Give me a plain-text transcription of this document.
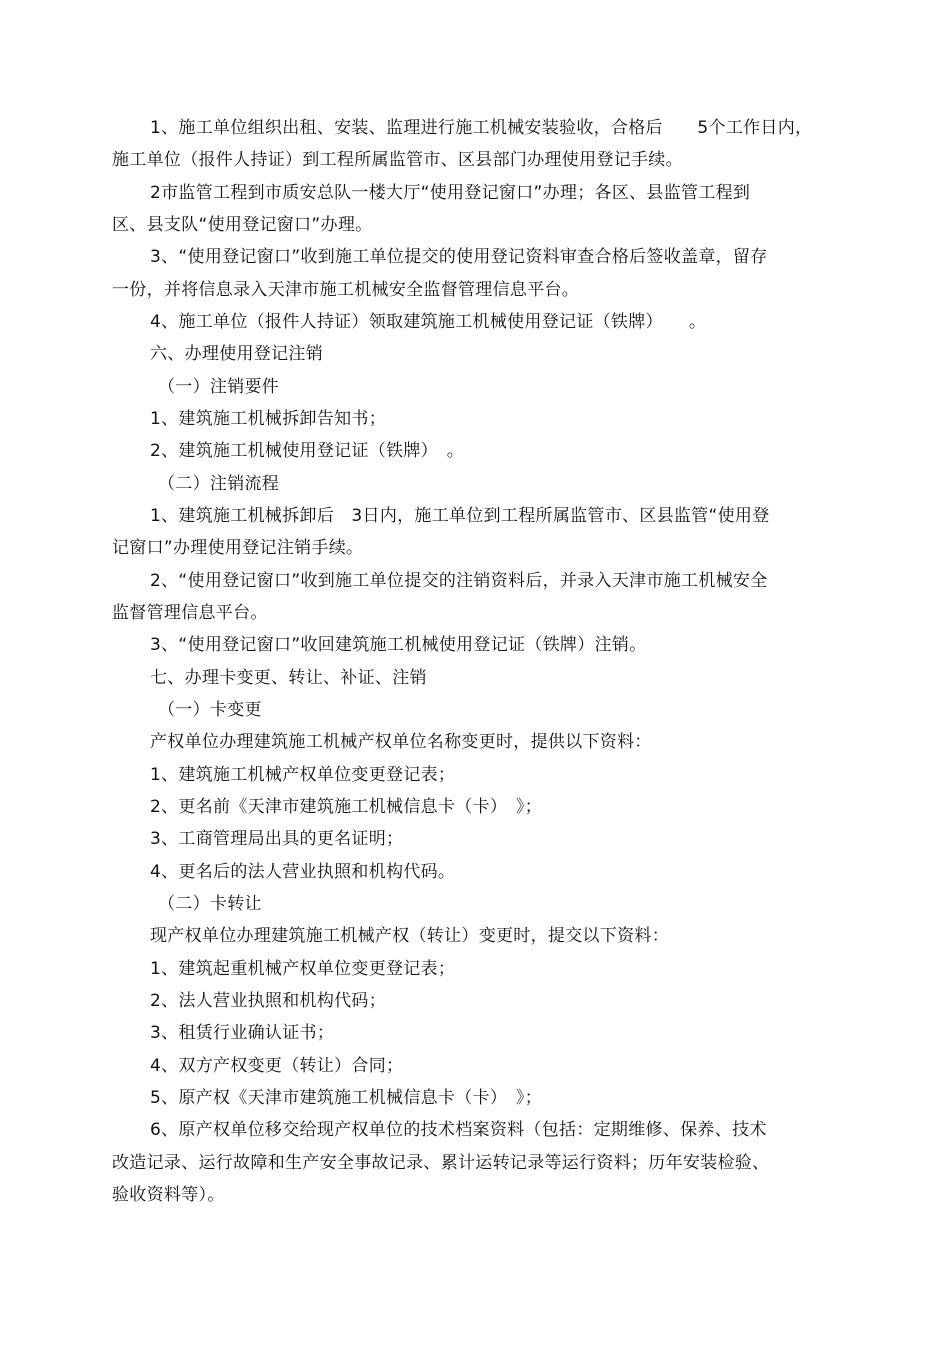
1、施工单位组织出租、安装、监理进行施工机械安装验收，合格后　　5个工作日内，
施工单位（报件人持证）到工程所属监管市、区县部门办理使用登记手续。
2市监管工程到市质安总队一楼大厅“使用登记窗口”办理；各区、县监管工程到
区、县支队“使用登记窗口”办理。
3、“使用登记窗口”收到施工单位提交的使用登记资料审查合格后签收盖章，留存
一份，并将信息录入天津市施工机械安全监督管理信息平台。
4、施工单位（报件人持证）领取建筑施工机械使用登记证（铁牌）　　。
六、办理使用登记注销
（一）注销要件
1、建筑施工机械拆卸告知书；
2、建筑施工机械使用登记证（铁牌）　。
（二）注销流程
1、建筑施工机械拆卸后　3日内，施工单位到工程所属监管市、区县监管“使用登
记窗口”办理使用登记注销手续。
2、“使用登记窗口”收到施工单位提交的注销资料后，并录入天津市施工机械安全
监督管理信息平台。
3、“使用登记窗口”收回建筑施工机械使用登记证（铁牌）注销。
七、办理卡变更、转让、补证、注销
（一）卡变更
产权单位办理建筑施工机械产权单位名称变更时，提供以下资料：
1、建筑施工机械产权单位变更登记表；
2、更名前《天津市建筑施工机械信息卡（卡）　》；
3、工商管理局出具的更名证明；
4、更名后的法人营业执照和机构代码。
（二）卡转让
现产权单位办理建筑施工机械产权（转让）变更时，提交以下资料：
1、建筑起重机械产权单位变更登记表；
2、法人营业执照和机构代码；
3、租赁行业确认证书；
4、双方产权变更（转让）合同；
5、原产权《天津市建筑施工机械信息卡（卡）　》；
6、原产权单位移交给现产权单位的技术档案资料（包括：定期维修、保养、技术
改造记录、运行故障和生产安全事故记录、累计运转记录等运行资料；历年安装检验、
验收资料等）。
